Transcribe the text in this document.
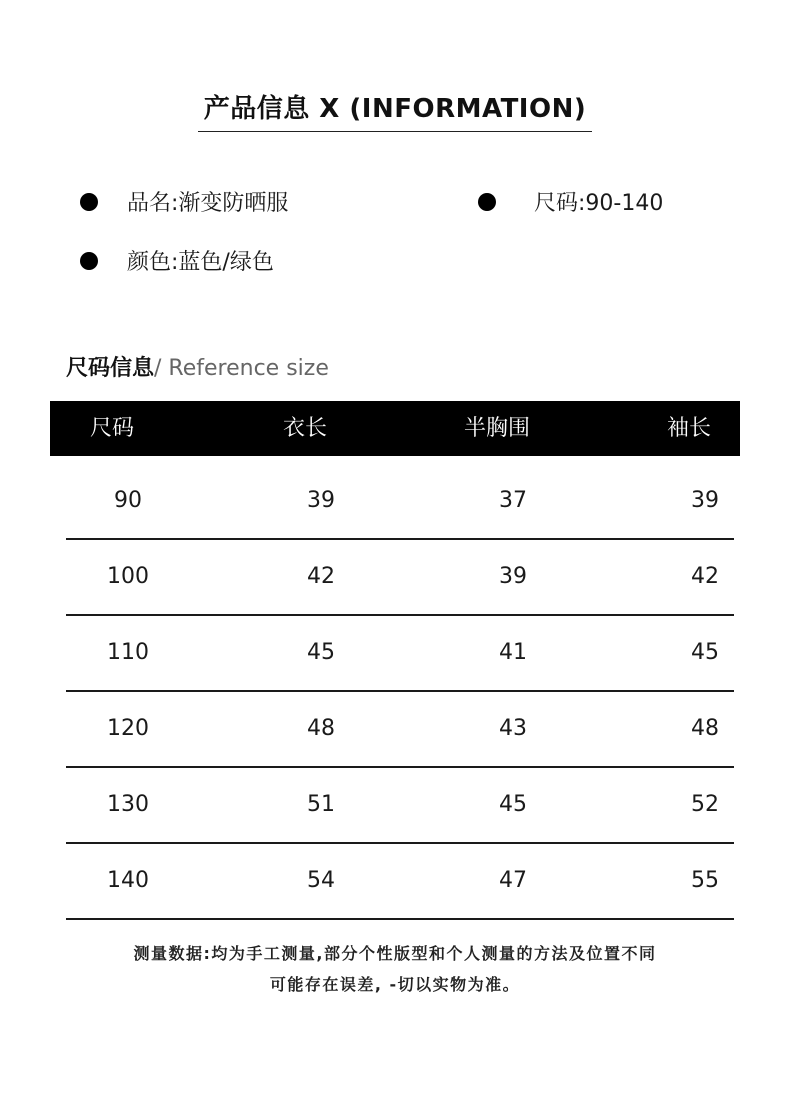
产品信息 X (INFORMATION)
品名:渐变防晒服	尺码:90-140
颜色:蓝色/绿色
尺码信息/ Reference size
尺码	衣长	半胸围	袖长
90	39	37	39
100	42	39	42
110	45	41	45
120	48	43	48
130	51	45	52
140	54	47	55
测量数据:均为手工测量,部分个性版型和个人测量的方法及位置不同
可能存在误差, -切以实物为准。
